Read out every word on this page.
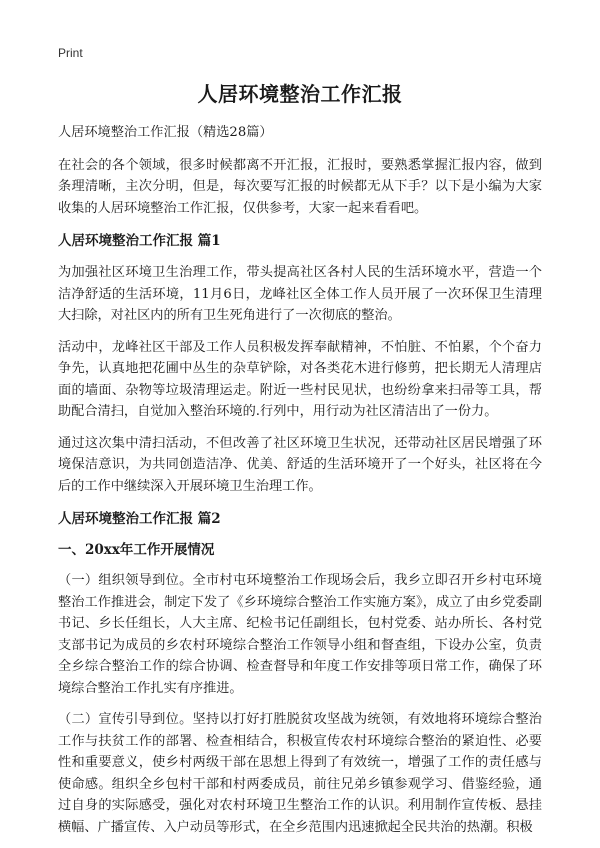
Print
人居环境整治工作汇报

人居环境整治工作汇报（精选28篇）

在社会的各个领域，很多时候都离不开汇报，汇报时，要熟悉掌握汇报内容，做到条理清晰，主次分明，但是，每次要写汇报的时候都无从下手？以下是小编为大家收集的人居环境整治工作汇报，仅供参考，大家一起来看看吧。

人居环境整治工作汇报 篇1

为加强社区环境卫生治理工作，带头提高社区各村人民的生活环境水平，营造一个洁净舒适的生活环境，11月6日，龙峰社区全体工作人员开展了一次环保卫生清理大扫除，对社区内的所有卫生死角进行了一次彻底的整治。

活动中，龙峰社区干部及工作人员积极发挥奉献精神，不怕脏、不怕累，个个奋力争先，认真地把花圃中丛生的杂草铲除，对各类花木进行修剪，把长期无人清理店面的墙面、杂物等垃圾清理运走。附近一些村民见状，也纷纷拿来扫帚等工具，帮助配合清扫，自觉加入整治环境的.行列中，用行动为社区清洁出了一份力。

通过这次集中清扫活动，不但改善了社区环境卫生状况，还带动社区居民增强了环境保洁意识，为共同创造洁净、优美、舒适的生活环境开了一个好头，社区将在今后的工作中继续深入开展环境卫生治理工作。

人居环境整治工作汇报 篇2
一、20xx年工作开展情况

（一）组织领导到位。全市村屯环境整治工作现场会后，我乡立即召开乡村屯环境整治工作推进会，制定下发了《乡环境综合整治工作实施方案》，成立了由乡党委副书记、乡长任组长，人大主席、纪检书记任副组长，包村党委、站办所长、各村党支部书记为成员的乡农村环境综合整治工作领导小组和督查组，下设办公室，负责全乡综合整治工作的综合协调、检查督导和年度工作安排等项日常工作，确保了环境综合整治工作扎实有序推进。

（二）宣传引导到位。坚持以打好打胜脱贫攻坚战为统领，有效地将环境综合整治工作与扶贫工作的部署、检查相结合，积极宣传农村环境综合整治的紧迫性、必要性和重要意义，使乡村两级干部在思想上得到了有效统一，增强了工作的责任感与使命感。组织全乡包村干部和村两委成员，前往兄弟乡镇参观学习、借鉴经验，通过自身的实际感受，强化对农村环境卫生整治工作的认识。利用制作宣传板、悬挂横幅、广播宣传、入户动员等形式，在全乡范围内迅速掀起全民共治的热潮。积极
